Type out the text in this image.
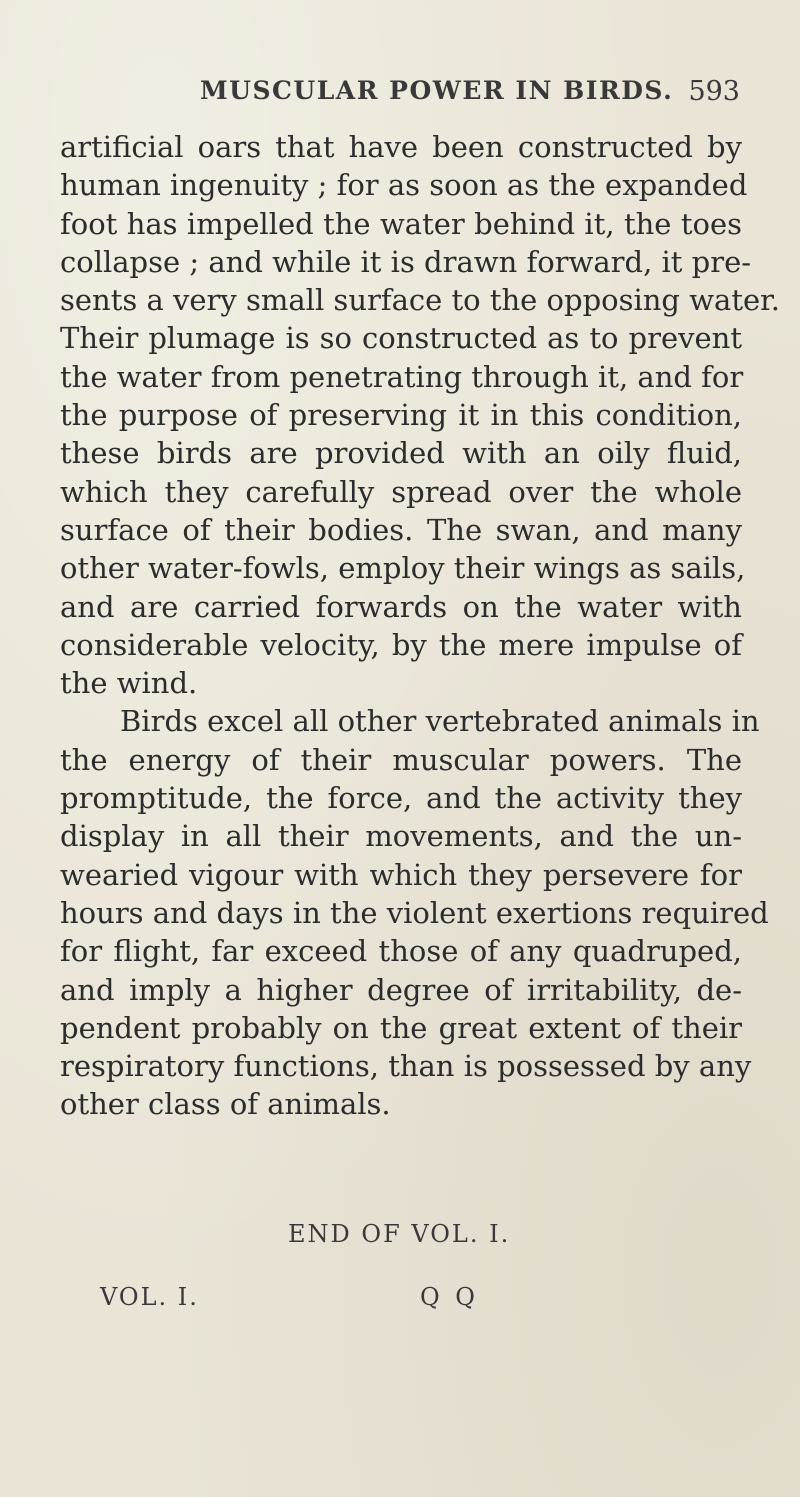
MUSCULAR POWER IN BIRDS. 593
artificial oars that have been constructed by
human ingenuity ; for as soon as the expanded
foot has impelled the water behind it, the toes
collapse ; and while it is drawn forward, it pre-
sents a very small surface to the opposing water.
Their plumage is so constructed as to prevent
the water from penetrating through it, and for
the purpose of preserving it in this condition,
these birds are provided with an oily fluid,
which they carefully spread over the whole
surface of their bodies. The swan, and many
other water-fowls, employ their wings as sails,
and are carried forwards on the water with
considerable velocity, by the mere impulse of
the wind.
Birds excel all other vertebrated animals in
the energy of their muscular powers. The
promptitude, the force, and the activity they
display in all their movements, and the un-
wearied vigour with which they persevere for
hours and days in the violent exertions required
for flight, far exceed those of any quadruped,
and imply a higher degree of irritability, de-
pendent probably on the great extent of their
respiratory functions, than is possessed by any
other class of animals.
END OF VOL. I.
VOL. I.	Q Q
